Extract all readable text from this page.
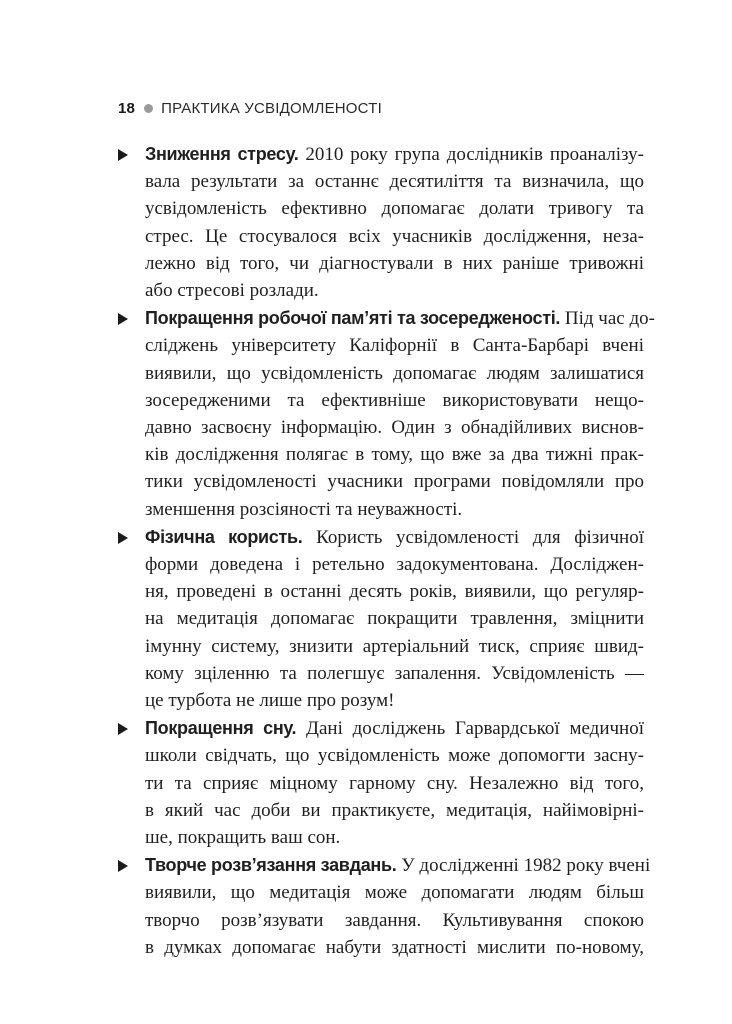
18 ПРАКТИКА УСВІДОМЛЕНОСТІ
Зниження стресу. 2010 року група дослідників проаналізу-
вала результати за останнє десятиліття та визначила, що
усвідомленість ефективно допомагає долати тривогу та
стрес. Це стосувалося всіх учасників дослідження, неза-
лежно від того, чи діагностували в них раніше тривожні
або стресові розлади.
Покращення робочої пам’яті та зосередженості. Під час до-
сліджень університету Каліфорнії в Санта-Барбарі вчені
виявили, що усвідомленість допомагає людям залишатися
зосередженими та ефективніше використовувати нещо-
давно засвоєну інформацію. Один з обнадійливих виснов-
ків дослідження полягає в тому, що вже за два тижні прак-
тики усвідомленості учасники програми повідомляли про
зменшення розсіяності та неуважності.
Фізична користь. Користь усвідомленості для фізичної
форми доведена і ретельно задокументована. Досліджен-
ня, проведені в останні десять років, виявили, що регуляр-
на медитація допомагає покращити травлення, зміцнити
імунну систему, знизити артеріальний тиск, сприяє швид-
кому зціленню та полегшує запалення. Усвідомленість —
це турбота не лише про розум!
Покращення сну. Дані досліджень Гарвардської медичної
школи свідчать, що усвідомленість може допомогти засну-
ти та сприяє міцному гарному сну. Незалежно від того,
в який час доби ви практикуєте, медитація, найімовірні-
ше, покращить ваш сон.
Творче розв’язання завдань. У дослідженні 1982 року вчені
виявили, що медитація може допомагати людям більш
творчо розв’язувати завдання. Культивування спокою
в думках допомагає набути здатності мислити по-новому,
